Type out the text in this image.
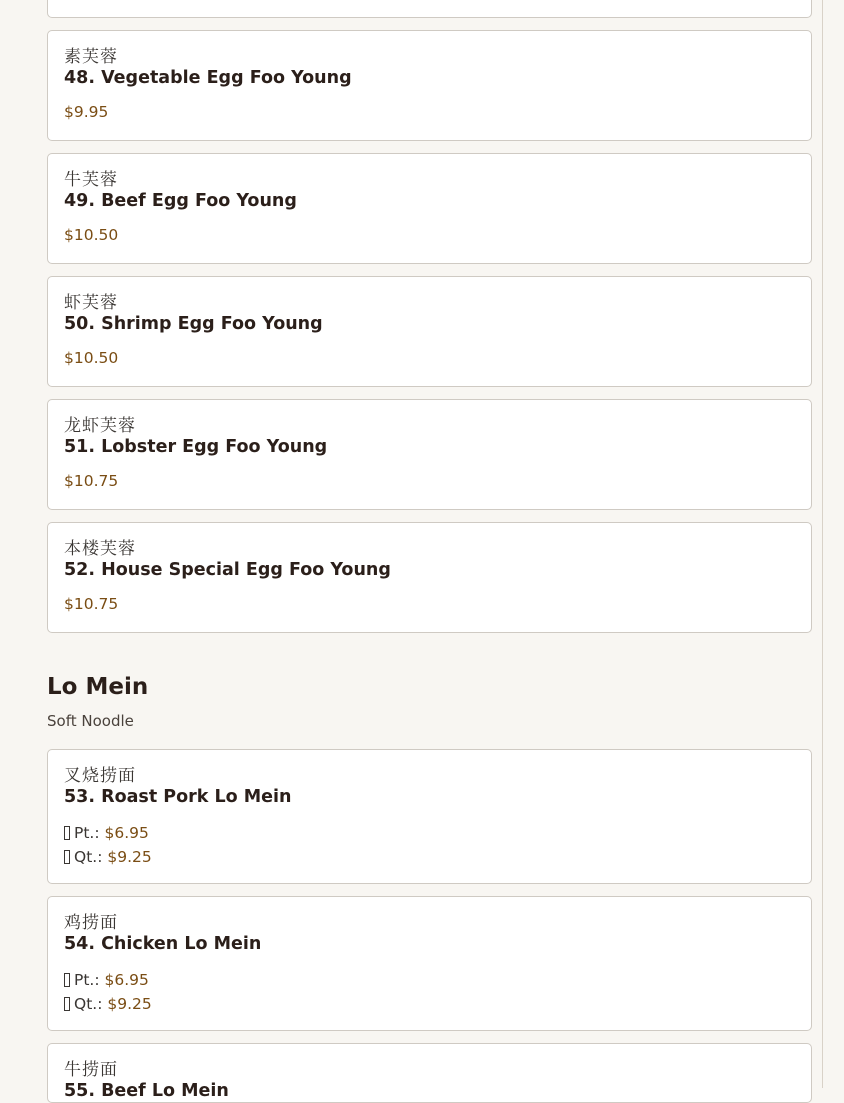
素芙蓉
48. Vegetable Egg Foo Young
$9.95
牛芙蓉
49. Beef Egg Foo Young
$10.50
虾芙蓉
50. Shrimp Egg Foo Young
$10.50
龙虾芙蓉
51. Lobster Egg Foo Young
$10.75
本楼芙蓉
52. House Special Egg Foo Young
$10.75
Lo Mein
Soft Noodle
叉烧捞面
53. Roast Pork Lo Mein
Pt.: $6.95
Qt.: $9.25
鸡捞面
54. Chicken Lo Mein
Pt.: $6.95
Qt.: $9.25
牛捞面
55. Beef Lo Mein
